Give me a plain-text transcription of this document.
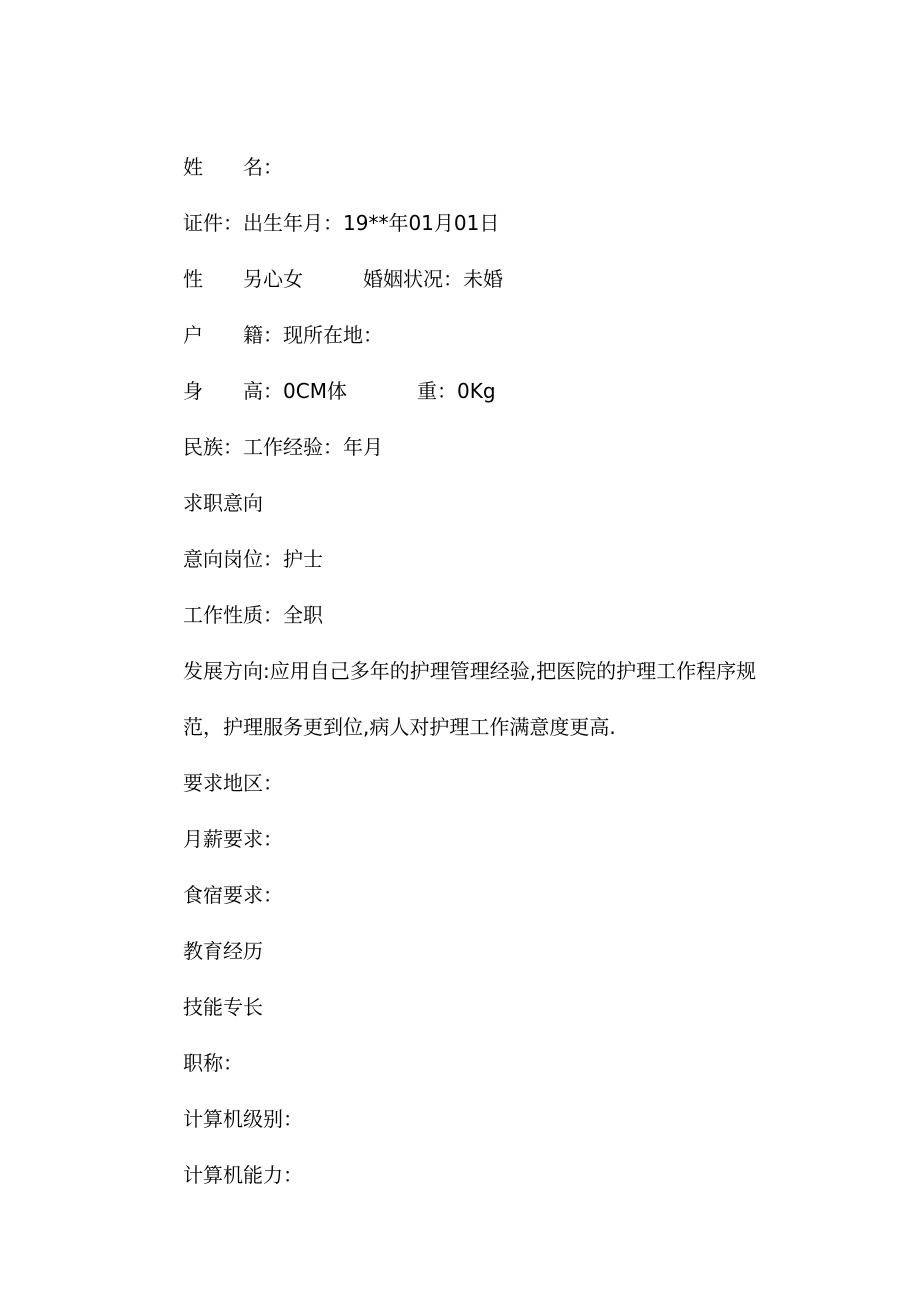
姓

名：

证件：出生年月：19**年01月01日

性

另心女

	婚姻状况：未婚

户

籍：现所在地：

身

高：0CM体

	重：0Kg

民族：工作经验：年月
求职意向
意向岗位：护士
工作性质：全职
发展方向:应用自己多年的护理管理经验,把医院的护理工作程序规
范，护理服务更到位,病人对护理工作满意度更高.
要求地区：
月薪要求：
食宿要求：
教育经历
技能专长
职称：
计算机级别：
计算机能力：
